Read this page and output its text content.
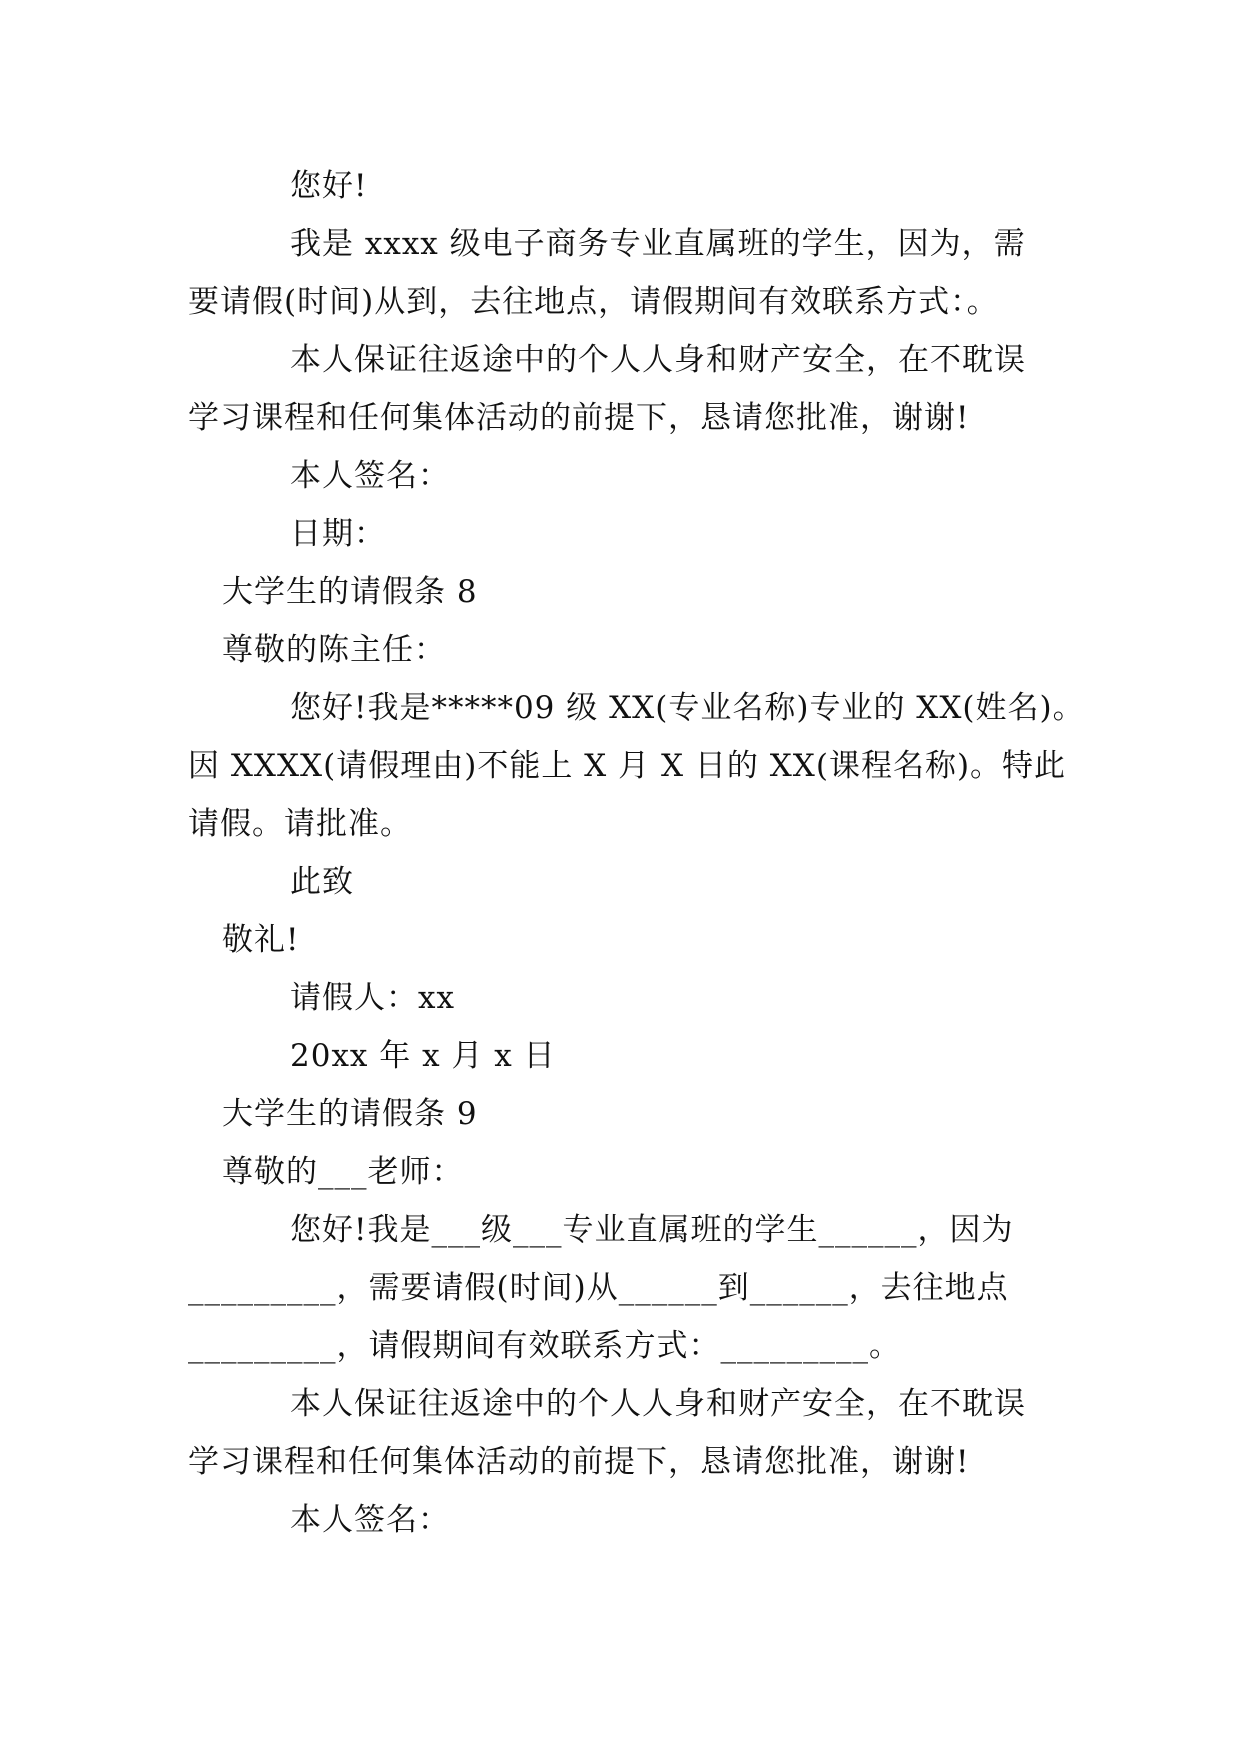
您好!
我是 xxxx 级电子商务专业直属班的学生，因为，需
要请假(时间)从到，去往地点，请假期间有效联系方式：。
本人保证往返途中的个人人身和财产安全，在不耽误
学习课程和任何集体活动的前提下，恳请您批准，谢谢!
本人签名：
日期：
大学生的请假条 8
尊敬的陈主任：
您好!我是*****09 级 XX(专业名称)专业的 XX(姓名)。
因 XXXX(请假理由)不能上 X 月 X 日的 XX(课程名称)。特此
请假。请批准。
此致
敬礼!
请假人：xx
20xx 年 x 月 x 日
大学生的请假条 9
尊敬的___老师：
您好!我是___级___专业直属班的学生______，因为
_________，需要请假(时间)从______到______，去往地点
_________，请假期间有效联系方式：_________。
本人保证往返途中的个人人身和财产安全，在不耽误
学习课程和任何集体活动的前提下，恳请您批准，谢谢!
本人签名：
